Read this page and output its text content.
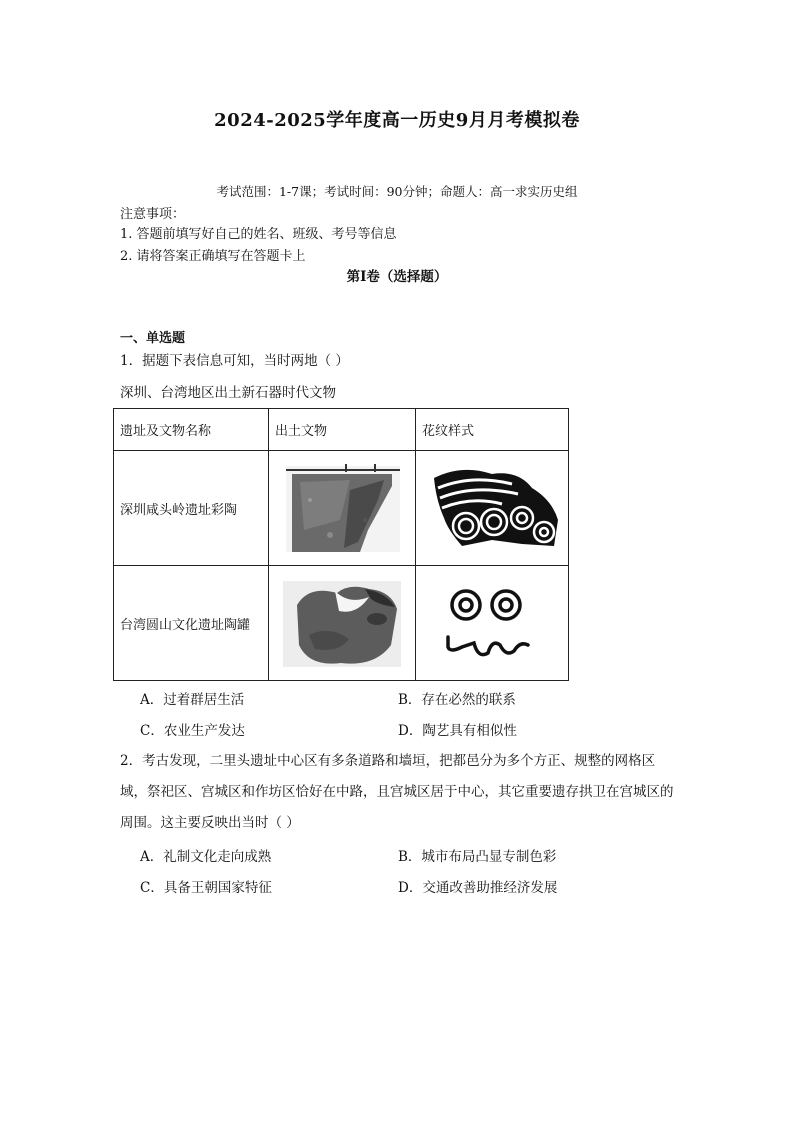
2024-2025学年度高一历史9月月考模拟卷
考试范围：1-7课；考试时间：90分钟；命题人：高一求实历史组
注意事项：
1. 答题前填写好自己的姓名、班级、考号等信息
2. 请将答案正确填写在答题卡上
第Ⅰ卷（选择题）
一、单选题
1．据题下表信息可知，当时两地（ ）
深圳、台湾地区出土新石器时代文物
遗址及文物名称	出土文物	花纹样式
深圳咸头岭遗址彩陶	

台湾圆山文化遗址陶罐	

A．过着群居生活	B．存在必然的联系
C．农业生产发达	D．陶艺具有相似性
2．考古发现，二里头遗址中心区有多条道路和墙垣，把都邑分为多个方正、规整的网格区域，祭祀区、宫城区和作坊区恰好在中路，且宫城区居于中心，其它重要遗存拱卫在宫城区的周围。这主要反映出当时（ ）
A．礼制文化走向成熟	B．城市布局凸显专制色彩
C．具备王朝国家特征	D．交通改善助推经济发展
